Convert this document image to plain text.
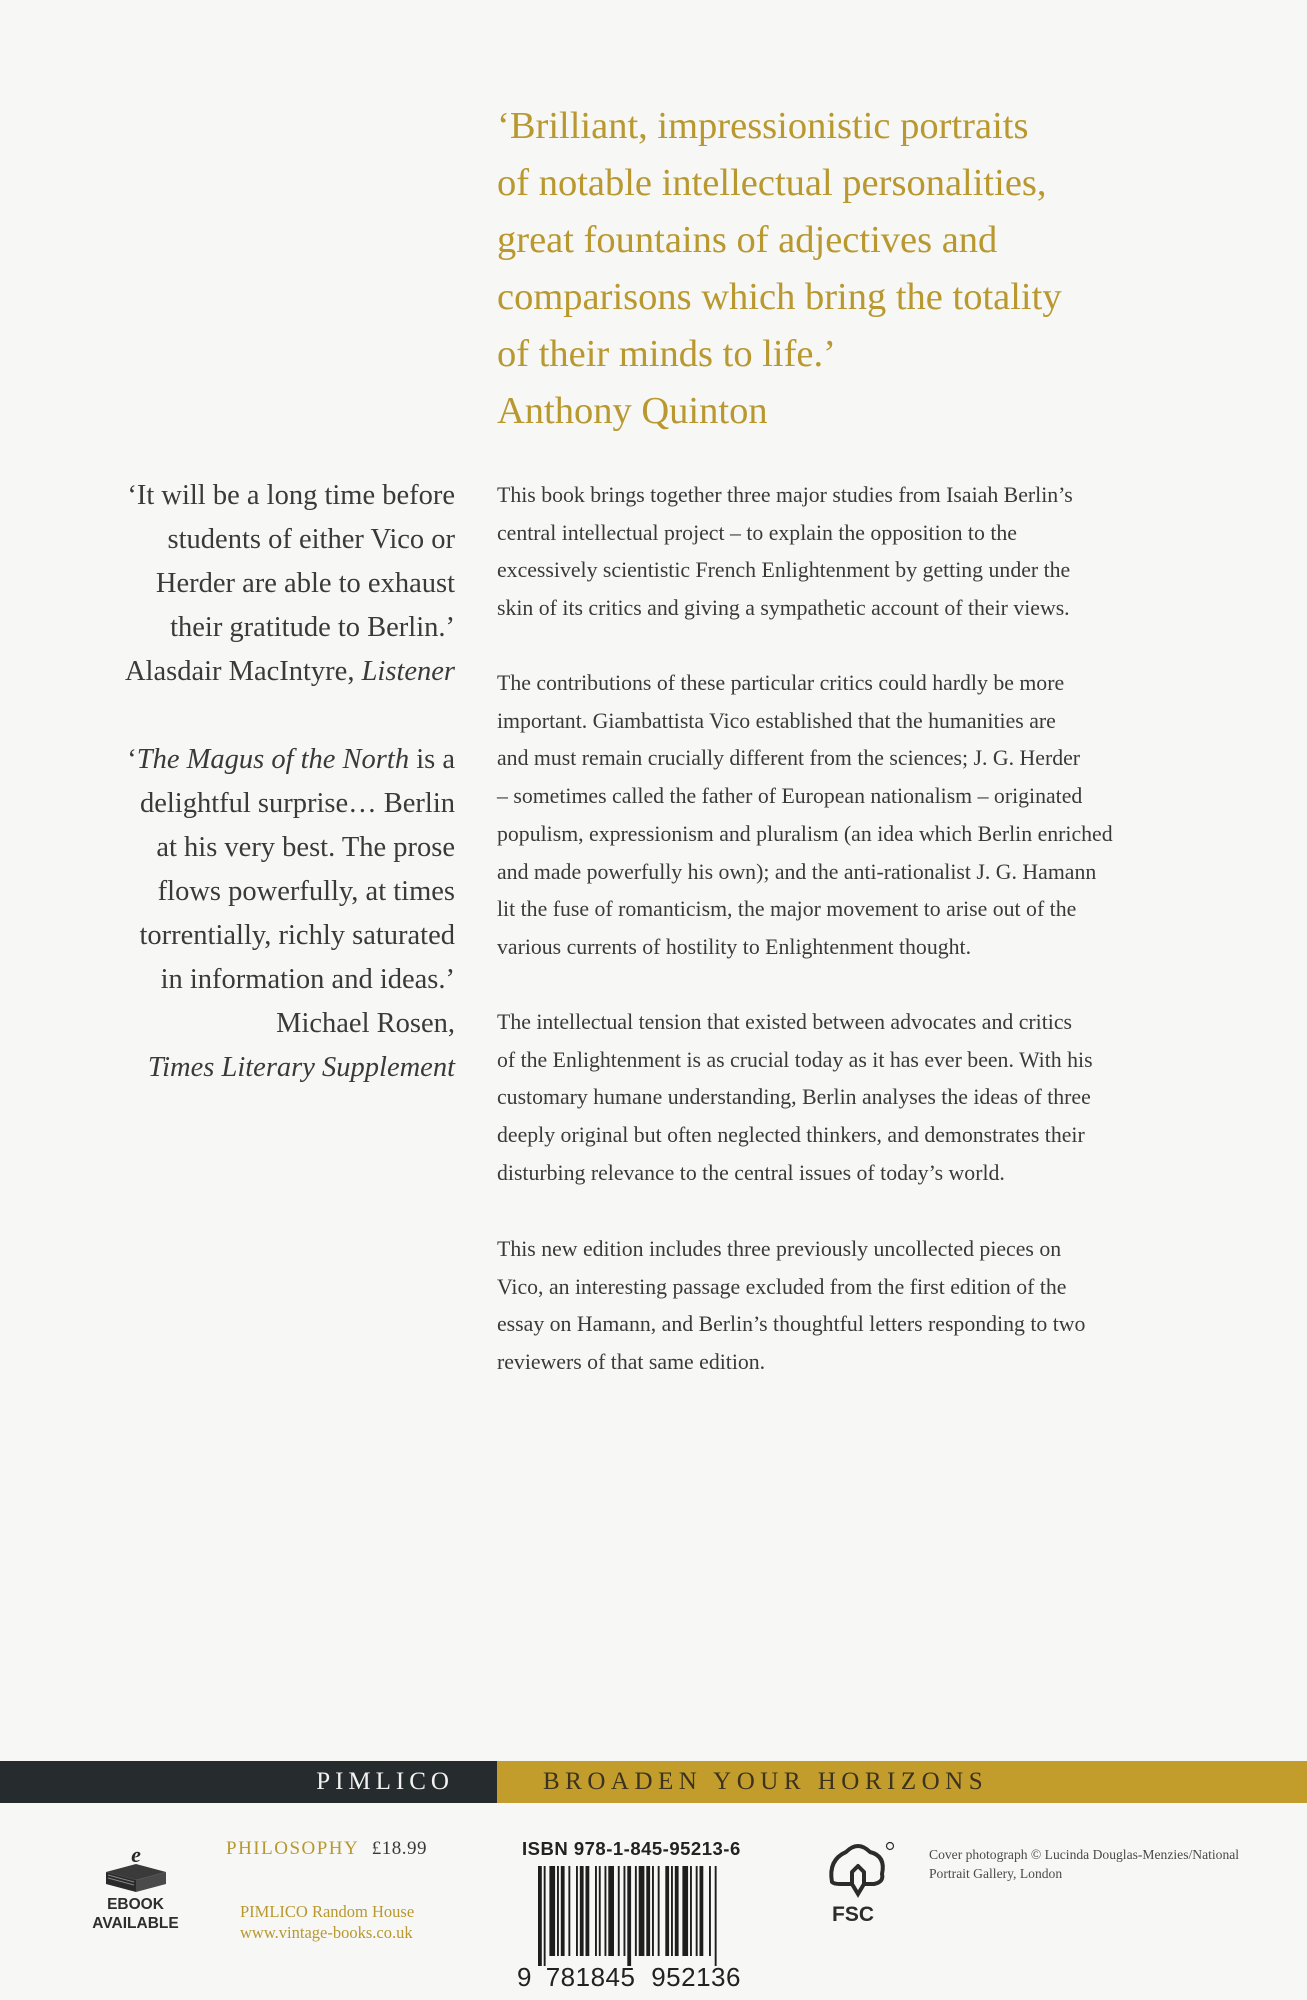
‘Brilliant, impressionistic portraits
of notable intellectual personalities,
great fountains of adjectives and
comparisons which bring the totality
of their minds to life.’
Anthony Quinton
‘It will be a long time before
students of either Vico or
Herder are able to exhaust
their gratitude to Berlin.’
Alasdair MacIntyre, Listener
‘The Magus of the North is a
delightful surprise… Berlin
at his very best. The prose
flows powerfully, at times
torrentially, richly saturated
in information and ideas.’
Michael Rosen,
Times Literary Supplement
This book brings together three major studies from Isaiah Berlin’s
central intellectual project – to explain the opposition to the
excessively scientistic French Enlightenment by getting under the
skin of its critics and giving a sympathetic account of their views.
The contributions of these particular critics could hardly be more
important. Giambattista Vico established that the humanities are
and must remain crucially different from the sciences; J. G. Herder
– sometimes called the father of European nationalism – originated
populism, expressionism and pluralism (an idea which Berlin enriched
and made powerfully his own); and the anti-rationalist J. G. Hamann
lit the fuse of romanticism, the major movement to arise out of the
various currents of hostility to Enlightenment thought.
The intellectual tension that existed between advocates and critics
of the Enlightenment is as crucial today as it has ever been. With his
customary humane understanding, Berlin analyses the ideas of three
deeply original but often neglected thinkers, and demonstrates their
disturbing relevance to the central issues of today’s world.
This new edition includes three previously uncollected pieces on
Vico, an interesting passage excluded from the first edition of the
essay on Hamann, and Berlin’s thoughtful letters responding to two
reviewers of that same edition.
PIMLICO	BROADEN YOUR HORIZONS
e
EBOOK
AVAILABLE
PHILOSOPHY £18.99
PIMLICO Random House
www.vintage-books.co.uk
ISBN 978-1-845-95213-6
9 781845 952136
FSC
Cover photograph © Lucinda Douglas-Menzies/National
Portrait Gallery, London
